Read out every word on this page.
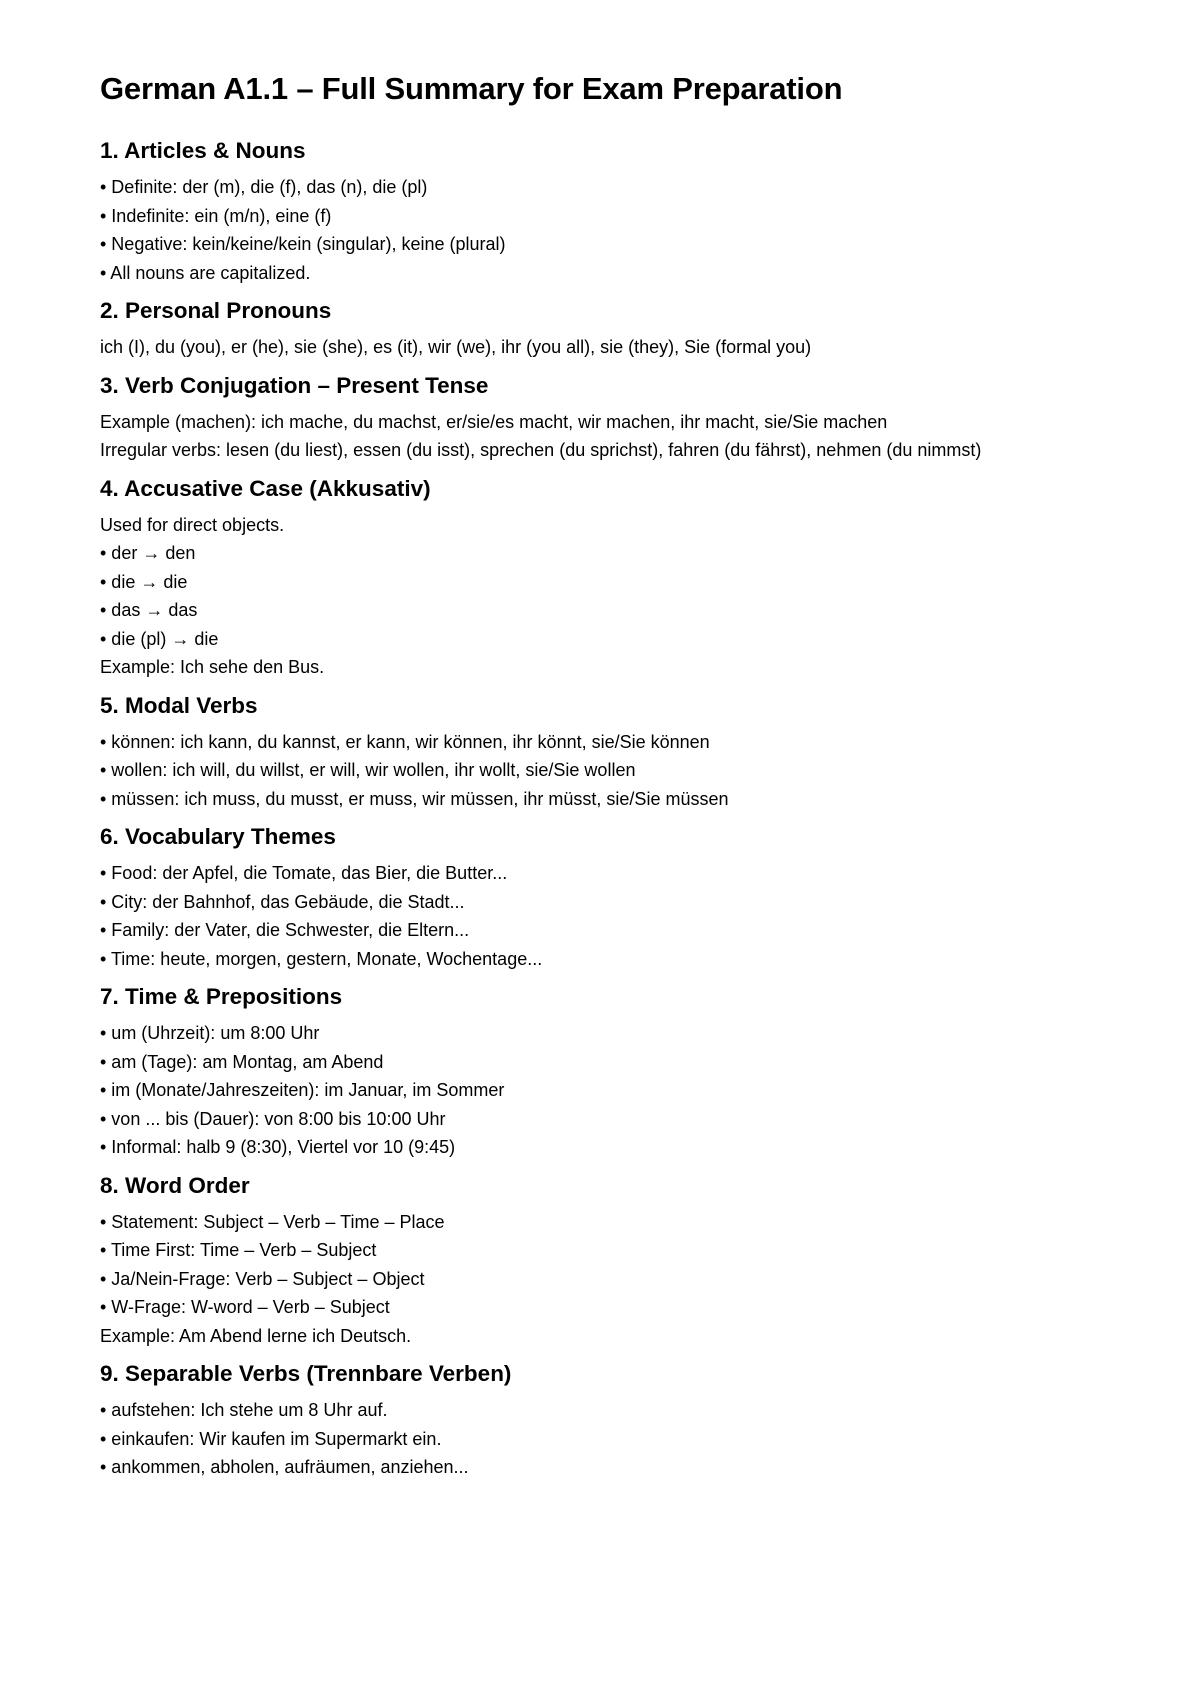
German A1.1 – Full Summary for Exam Preparation
1. Articles & Nouns
• Definite: der (m), die (f), das (n), die (pl)
• Indefinite: ein (m/n), eine (f)
• Negative: kein/keine/kein (singular), keine (plural)
• All nouns are capitalized.
2. Personal Pronouns
ich (I), du (you), er (he), sie (she), es (it), wir (we), ihr (you all), sie (they), Sie (formal you)
3. Verb Conjugation – Present Tense
Example (machen): ich mache, du machst, er/sie/es macht, wir machen, ihr macht, sie/Sie machen
Irregular verbs: lesen (du liest), essen (du isst), sprechen (du sprichst), fahren (du fährst), nehmen (du nimmst)
4. Accusative Case (Akkusativ)
Used for direct objects.
• der → den
• die → die
• das → das
• die (pl) → die
Example: Ich sehe den Bus.
5. Modal Verbs
• können: ich kann, du kannst, er kann, wir können, ihr könnt, sie/Sie können
• wollen: ich will, du willst, er will, wir wollen, ihr wollt, sie/Sie wollen
• müssen: ich muss, du musst, er muss, wir müssen, ihr müsst, sie/Sie müssen
6. Vocabulary Themes
• Food: der Apfel, die Tomate, das Bier, die Butter...
• City: der Bahnhof, das Gebäude, die Stadt...
• Family: der Vater, die Schwester, die Eltern...
• Time: heute, morgen, gestern, Monate, Wochentage...
7. Time & Prepositions
• um (Uhrzeit): um 8:00 Uhr
• am (Tage): am Montag, am Abend
• im (Monate/Jahreszeiten): im Januar, im Sommer
• von ... bis (Dauer): von 8:00 bis 10:00 Uhr
• Informal: halb 9 (8:30), Viertel vor 10 (9:45)
8. Word Order
• Statement: Subject – Verb – Time – Place
• Time First: Time – Verb – Subject
• Ja/Nein-Frage: Verb – Subject – Object
• W-Frage: W-word – Verb – Subject
Example: Am Abend lerne ich Deutsch.
9. Separable Verbs (Trennbare Verben)
• aufstehen: Ich stehe um 8 Uhr auf.
• einkaufen: Wir kaufen im Supermarkt ein.
• ankommen, abholen, aufräumen, anziehen...
